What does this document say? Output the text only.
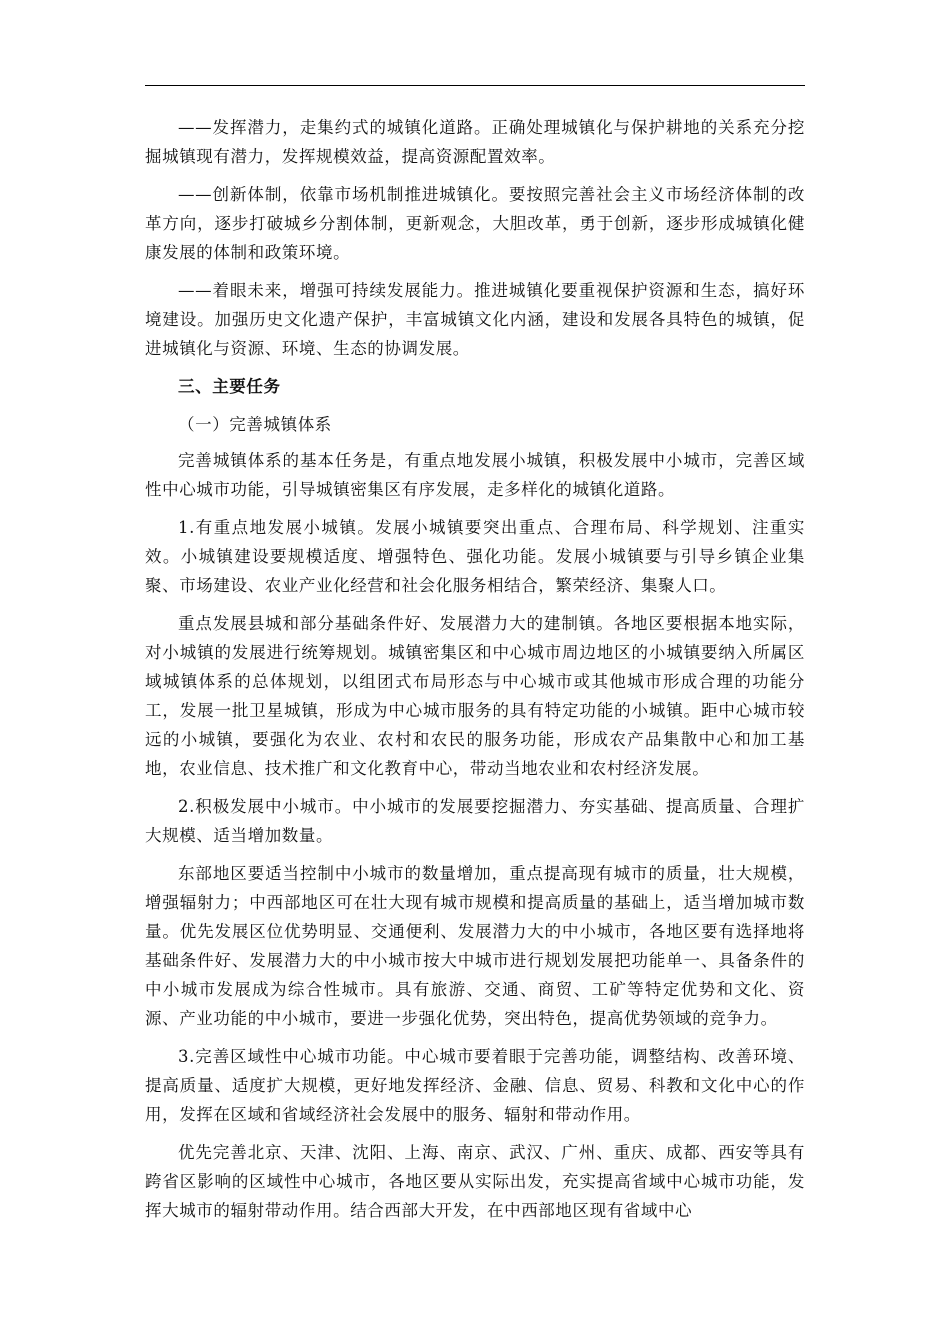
——发挥潜力，走集约式的城镇化道路。正确处理城镇化与保护耕地的关系充分挖掘城镇现有潜力，发挥规模效益，提高资源配置效率。

——创新体制，依靠市场机制推进城镇化。要按照完善社会主义市场经济体制的改革方向，逐步打破城乡分割体制，更新观念，大胆改革，勇于创新，逐步形成城镇化健康发展的体制和政策环境。

——着眼未来，增强可持续发展能力。推进城镇化要重视保护资源和生态，搞好环境建设。加强历史文化遗产保护，丰富城镇文化内涵，建设和发展各具特色的城镇，促进城镇化与资源、环境、生态的协调发展。

三、主要任务

（一）完善城镇体系

完善城镇体系的基本任务是，有重点地发展小城镇，积极发展中小城市，完善区域性中心城市功能，引导城镇密集区有序发展，走多样化的城镇化道路。

1.有重点地发展小城镇。发展小城镇要突出重点、合理布局、科学规划、注重实效。小城镇建设要规模适度、增强特色、强化功能。发展小城镇要与引导乡镇企业集聚、市场建设、农业产业化经营和社会化服务相结合，繁荣经济、集聚人口。

重点发展县城和部分基础条件好、发展潜力大的建制镇。各地区要根据本地实际，对小城镇的发展进行统筹规划。城镇密集区和中心城市周边地区的小城镇要纳入所属区域城镇体系的总体规划，以组团式布局形态与中心城市或其他城市形成合理的功能分工，发展一批卫星城镇，形成为中心城市服务的具有特定功能的小城镇。距中心城市较远的小城镇，要强化为农业、农村和农民的服务功能，形成农产品集散中心和加工基地，农业信息、技术推广和文化教育中心，带动当地农业和农村经济发展。

2.积极发展中小城市。中小城市的发展要挖掘潜力、夯实基础、提高质量、合理扩大规模、适当增加数量。

东部地区要适当控制中小城市的数量增加，重点提高现有城市的质量，壮大规模，增强辐射力；中西部地区可在壮大现有城市规模和提高质量的基础上，适当增加城市数量。优先发展区位优势明显、交通便利、发展潜力大的中小城市，各地区要有选择地将基础条件好、发展潜力大的中小城市按大中城市进行规划发展把功能单一、具备条件的中小城市发展成为综合性城市。具有旅游、交通、商贸、工矿等特定优势和文化、资源、产业功能的中小城市，要进一步强化优势，突出特色，提高优势领域的竞争力。

3.完善区域性中心城市功能。中心城市要着眼于完善功能，调整结构、改善环境、提高质量、适度扩大规模，更好地发挥经济、金融、信息、贸易、科教和文化中心的作用，发挥在区域和省域经济社会发展中的服务、辐射和带动作用。

优先完善北京、天津、沈阳、上海、南京、武汉、广州、重庆、成都、西安等具有跨省区影响的区域性中心城市，各地区要从实际出发，充实提高省域中心城市功能，发挥大城市的辐射带动作用。结合西部大开发，在中西部地区现有省域中心
